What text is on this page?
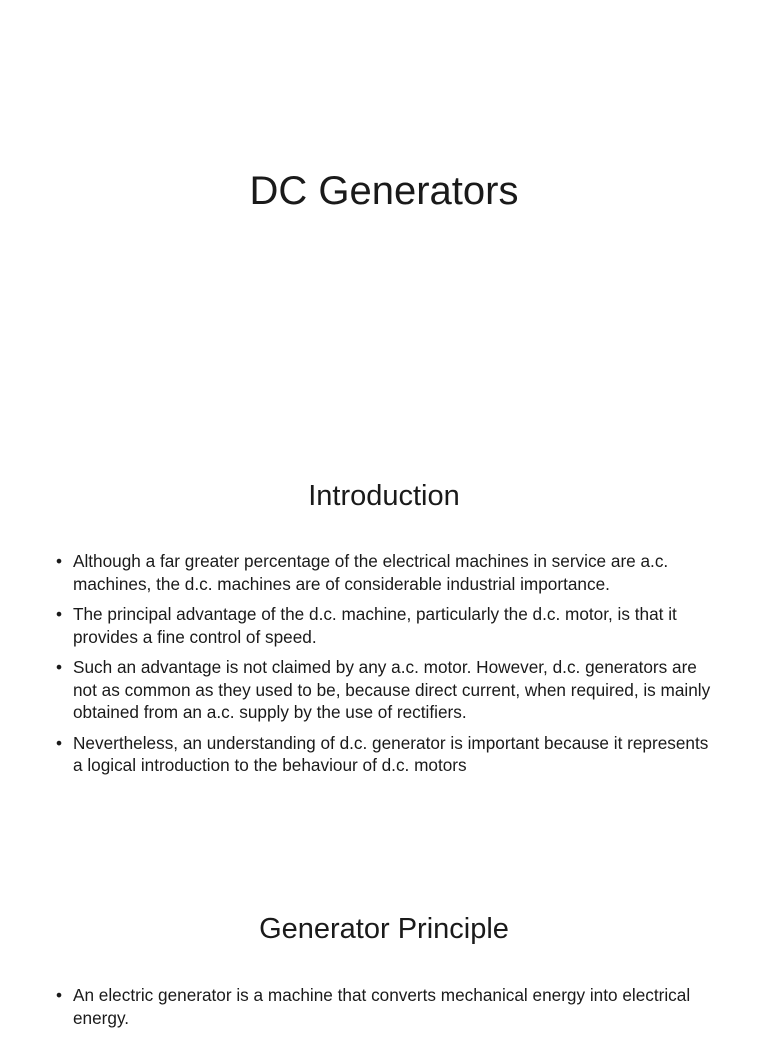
DC Generators
Introduction
• Although a far greater percentage of the electrical machines in service are a.c. machines, the d.c. machines are of considerable industrial importance.
• The principal advantage of the d.c. machine, particularly the d.c. motor, is that it provides a fine control of speed.
• Such an advantage is not claimed by any a.c. motor. However, d.c. generators are not as common as they used to be, because direct current, when required, is mainly obtained from an a.c. supply by the use of rectifiers.
• Nevertheless, an understanding of d.c. generator is important because it represents a logical introduction to the behaviour of d.c. motors
Generator Principle
• An electric generator is a machine that converts mechanical energy into electrical energy.
